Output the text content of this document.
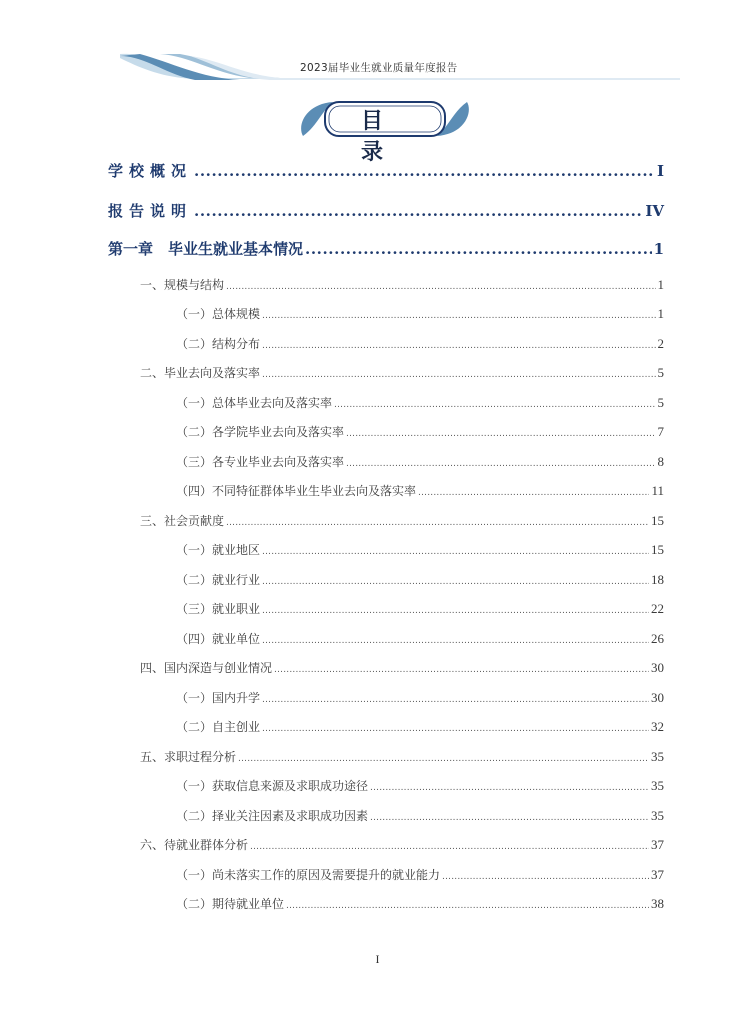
2023届毕业生就业质量年度报告
目 录
学校概况 .....	I
报告说明 .....	IV
第一章　毕业生就业基本情况 .....	1
一、规模与结构 .....	1
（一）总体规模 .....	1
（二）结构分布 .....	2
二、毕业去向及落实率 .....	5
（一）总体毕业去向及落实率 .....	5
（二）各学院毕业去向及落实率 .....	7
（三）各专业毕业去向及落实率 .....	8
（四）不同特征群体毕业生毕业去向及落实率 .....	11
三、社会贡献度 .....	15
（一）就业地区 .....	15
（二）就业行业 .....	18
（三）就业职业 .....	22
（四）就业单位 .....	26
四、国内深造与创业情况 .....	30
（一）国内升学 .....	30
（二）自主创业 .....	32
五、求职过程分析 .....	35
（一）获取信息来源及求职成功途径 .....	35
（二）择业关注因素及求职成功因素 .....	35
六、待就业群体分析 .....	37
（一）尚未落实工作的原因及需要提升的就业能力 .....	37
（二）期待就业单位 .....	38
I
